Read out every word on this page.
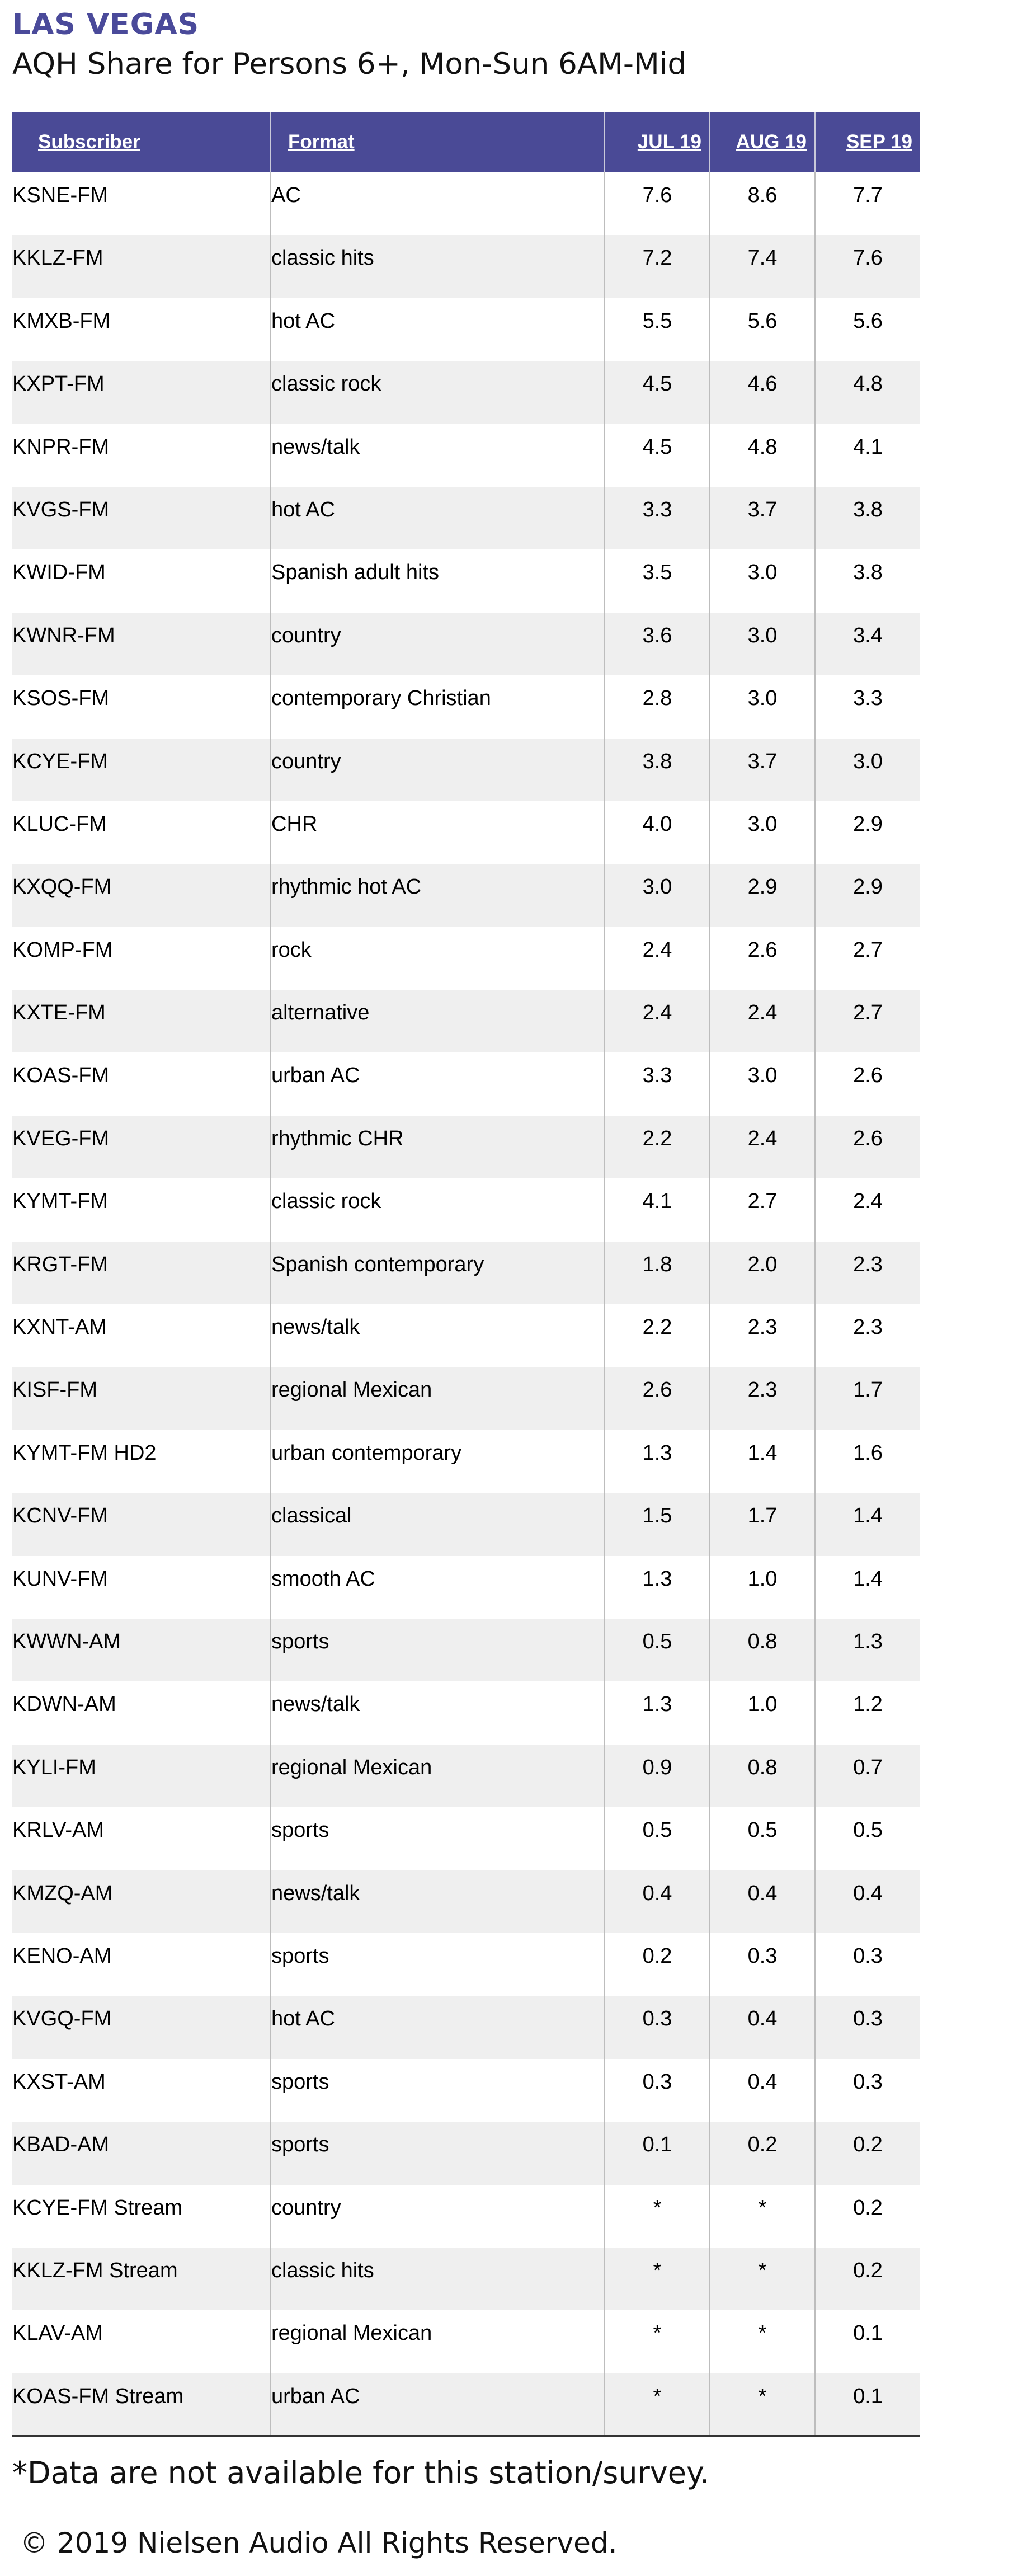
LAS VEGAS
AQH Share for Persons 6+, Mon-Sun 6AM-Mid
Subscriber	Format	JUL 19	AUG 19	SEP 19
KSNE-FM	AC	7.6	8.6	7.7
KKLZ-FM	classic hits	7.2	7.4	7.6
KMXB-FM	hot AC	5.5	5.6	5.6
KXPT-FM	classic rock	4.5	4.6	4.8
KNPR-FM	news/talk	4.5	4.8	4.1
KVGS-FM	hot AC	3.3	3.7	3.8
KWID-FM	Spanish adult hits	3.5	3.0	3.8
KWNR-FM	country	3.6	3.0	3.4
KSOS-FM	contemporary Christian	2.8	3.0	3.3
KCYE-FM	country	3.8	3.7	3.0
KLUC-FM	CHR	4.0	3.0	2.9
KXQQ-FM	rhythmic hot AC	3.0	2.9	2.9
KOMP-FM	rock	2.4	2.6	2.7
KXTE-FM	alternative	2.4	2.4	2.7
KOAS-FM	urban AC	3.3	3.0	2.6
KVEG-FM	rhythmic CHR	2.2	2.4	2.6
KYMT-FM	classic rock	4.1	2.7	2.4
KRGT-FM	Spanish contemporary	1.8	2.0	2.3
KXNT-AM	news/talk	2.2	2.3	2.3
KISF-FM	regional Mexican	2.6	2.3	1.7
KYMT-FM HD2	urban contemporary	1.3	1.4	1.6
KCNV-FM	classical	1.5	1.7	1.4
KUNV-FM	smooth AC	1.3	1.0	1.4
KWWN-AM	sports	0.5	0.8	1.3
KDWN-AM	news/talk	1.3	1.0	1.2
KYLI-FM	regional Mexican	0.9	0.8	0.7
KRLV-AM	sports	0.5	0.5	0.5
KMZQ-AM	news/talk	0.4	0.4	0.4
KENO-AM	sports	0.2	0.3	0.3
KVGQ-FM	hot AC	0.3	0.4	0.3
KXST-AM	sports	0.3	0.4	0.3
KBAD-AM	sports	0.1	0.2	0.2
KCYE-FM Stream	country	*	*	0.2
KKLZ-FM Stream	classic hits	*	*	0.2
KLAV-AM	regional Mexican	*	*	0.1
KOAS-FM Stream	urban AC	*	*	0.1
*Data are not available for this station/survey.
© 2019 Nielsen Audio All Rights Reserved.
